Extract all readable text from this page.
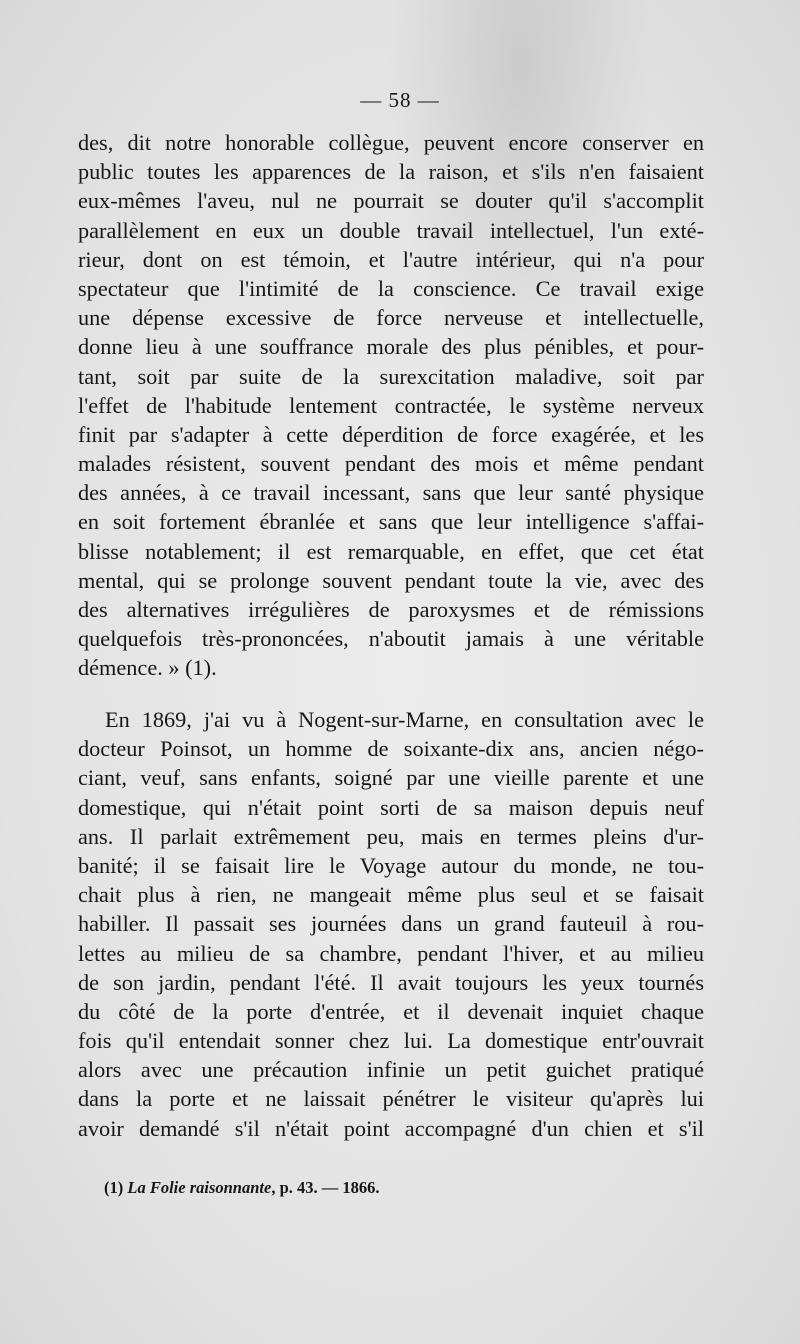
— 58 —
des, dit notre honorable collègue, peuvent encore conserver en
public toutes les apparences de la raison, et s'ils n'en faisaient
eux-mêmes l'aveu, nul ne pourrait se douter qu'il s'accomplit
parallèlement en eux un double travail intellectuel, l'un exté-
rieur, dont on est témoin, et l'autre intérieur, qui n'a pour
spectateur que l'intimité de la conscience. Ce travail exige
une dépense excessive de force nerveuse et intellectuelle,
donne lieu à une souffrance morale des plus pénibles, et pour-
tant, soit par suite de la surexcitation maladive, soit par
l'effet de l'habitude lentement contractée, le système nerveux
finit par s'adapter à cette déperdition de force exagérée, et les
malades résistent, souvent pendant des mois et même pendant
des années, à ce travail incessant, sans que leur santé physique
en soit fortement ébranlée et sans que leur intelligence s'affai-
blisse notablement; il est remarquable, en effet, que cet état
mental, qui se prolonge souvent pendant toute la vie, avec des
des alternatives irrégulières de paroxysmes et de rémissions
quelquefois très-prononcées, n'aboutit jamais à une véritable
démence. » (1).
En 1869, j'ai vu à Nogent-sur-Marne, en consultation avec le
docteur Poinsot, un homme de soixante-dix ans, ancien négo-
ciant, veuf, sans enfants, soigné par une vieille parente et une
domestique, qui n'était point sorti de sa maison depuis neuf
ans. Il parlait extrêmement peu, mais en termes pleins d'ur-
banité; il se faisait lire le Voyage autour du monde, ne tou-
chait plus à rien, ne mangeait même plus seul et se faisait
habiller. Il passait ses journées dans un grand fauteuil à rou-
lettes au milieu de sa chambre, pendant l'hiver, et au milieu
de son jardin, pendant l'été. Il avait toujours les yeux tournés
du côté de la porte d'entrée, et il devenait inquiet chaque
fois qu'il entendait sonner chez lui. La domestique entr'ouvrait
alors avec une précaution infinie un petit guichet pratiqué
dans la porte et ne laissait pénétrer le visiteur qu'après lui
avoir demandé s'il n'était point accompagné d'un chien et s'il
(1) La Folie raisonnante, p. 43. — 1866.
